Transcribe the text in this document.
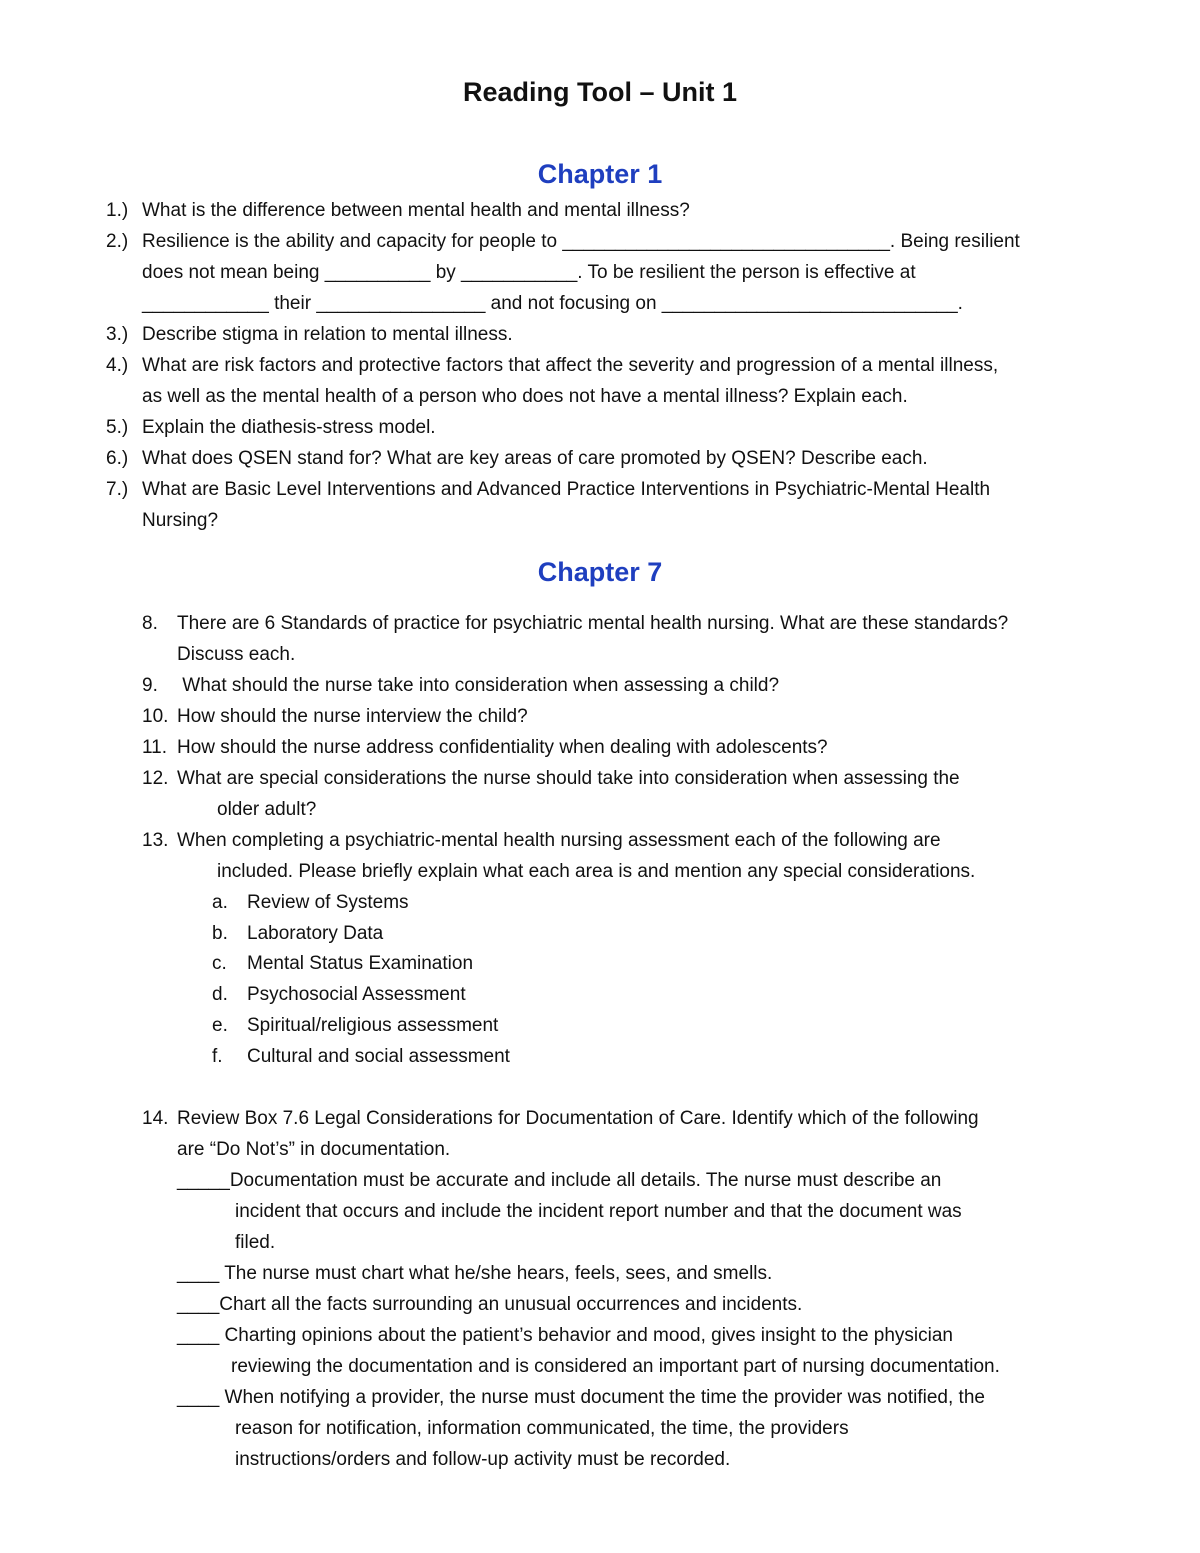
Reading Tool – Unit 1
Chapter 1
1.) What is the difference between mental health and mental illness?
2.) Resilience is the ability and capacity for people to _______________________________. Being resilient
does not mean being __________ by ___________. To be resilient the person is effective at
____________ their ________________ and not focusing on ____________________________.
3.) Describe stigma in relation to mental illness.
4.) What are risk factors and protective factors that affect the severity and progression of a mental illness,
as well as the mental health of a person who does not have a mental illness? Explain each.
5.) Explain the diathesis-stress model.
6.) What does QSEN stand for? What are key areas of care promoted by QSEN? Describe each.
7.) What are Basic Level Interventions and Advanced Practice Interventions in Psychiatric-Mental Health
Nursing?
Chapter 7
8. There are 6 Standards of practice for psychiatric mental health nursing. What are these standards?
Discuss each.
9. What should the nurse take into consideration when assessing a child?
10. How should the nurse interview the child?
11. How should the nurse address confidentiality when dealing with adolescents?
12. What are special considerations the nurse should take into consideration when assessing the
older adult?
13. When completing a psychiatric-mental health nursing assessment each of the following are
included. Please briefly explain what each area is and mention any special considerations.
a. Review of Systems
b. Laboratory Data
c. Mental Status Examination
d. Psychosocial Assessment
e. Spiritual/religious assessment
f. Cultural and social assessment
14. Review Box 7.6 Legal Considerations for Documentation of Care. Identify which of the following
are “Do Not’s” in documentation.
_____Documentation must be accurate and include all details. The nurse must describe an
incident that occurs and include the incident report number and that the document was
filed.
____ The nurse must chart what he/she hears, feels, sees, and smells.
____Chart all the facts surrounding an unusual occurrences and incidents.
____ Charting opinions about the patient’s behavior and mood, gives insight to the physician
reviewing the documentation and is considered an important part of nursing documentation.
____ When notifying a provider, the nurse must document the time the provider was notified, the
reason for notification, information communicated, the time, the providers
instructions/orders and follow-up activity must be recorded.
